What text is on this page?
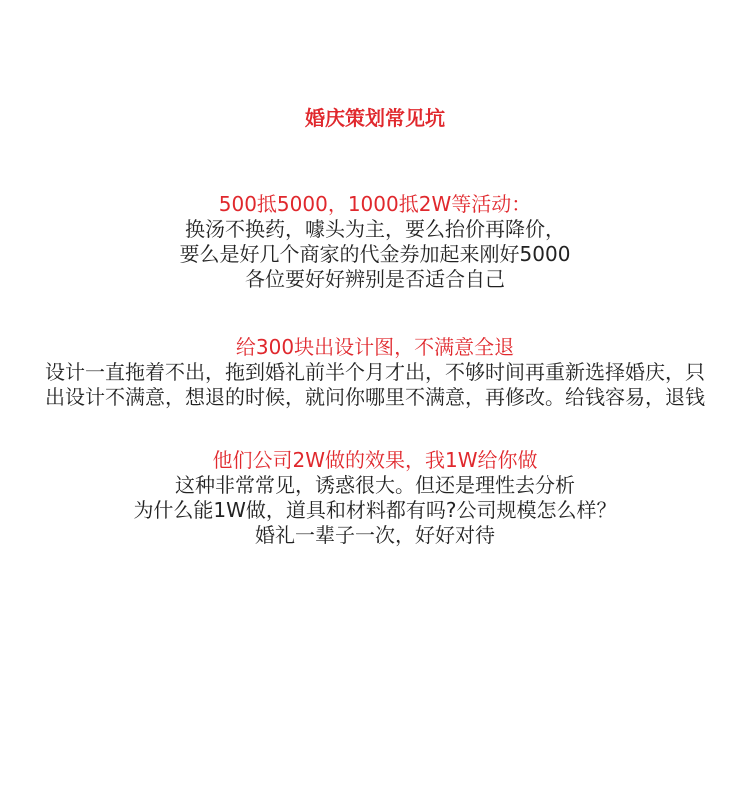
婚庆策划常见坑
500抵5000，1000抵2W等活动：
换汤不换药，噱头为主，要么抬价再降价，
要么是好几个商家的代金券加起来刚好5000
各位要好好辨别是否适合自己
给300块出设计图，不满意全退
设计一直拖着不出，拖到婚礼前半个月才出，不够时间再重新选择婚庆，只
出设计不满意，想退的时候，就问你哪里不满意，再修改。给钱容易，退钱
他们公司2W做的效果，我1W给你做
这种非常常见，诱惑很大。但还是理性去分析
为什么能1W做，道具和材料都有吗?公司规模怎么样？
婚礼一辈子一次，好好对待
